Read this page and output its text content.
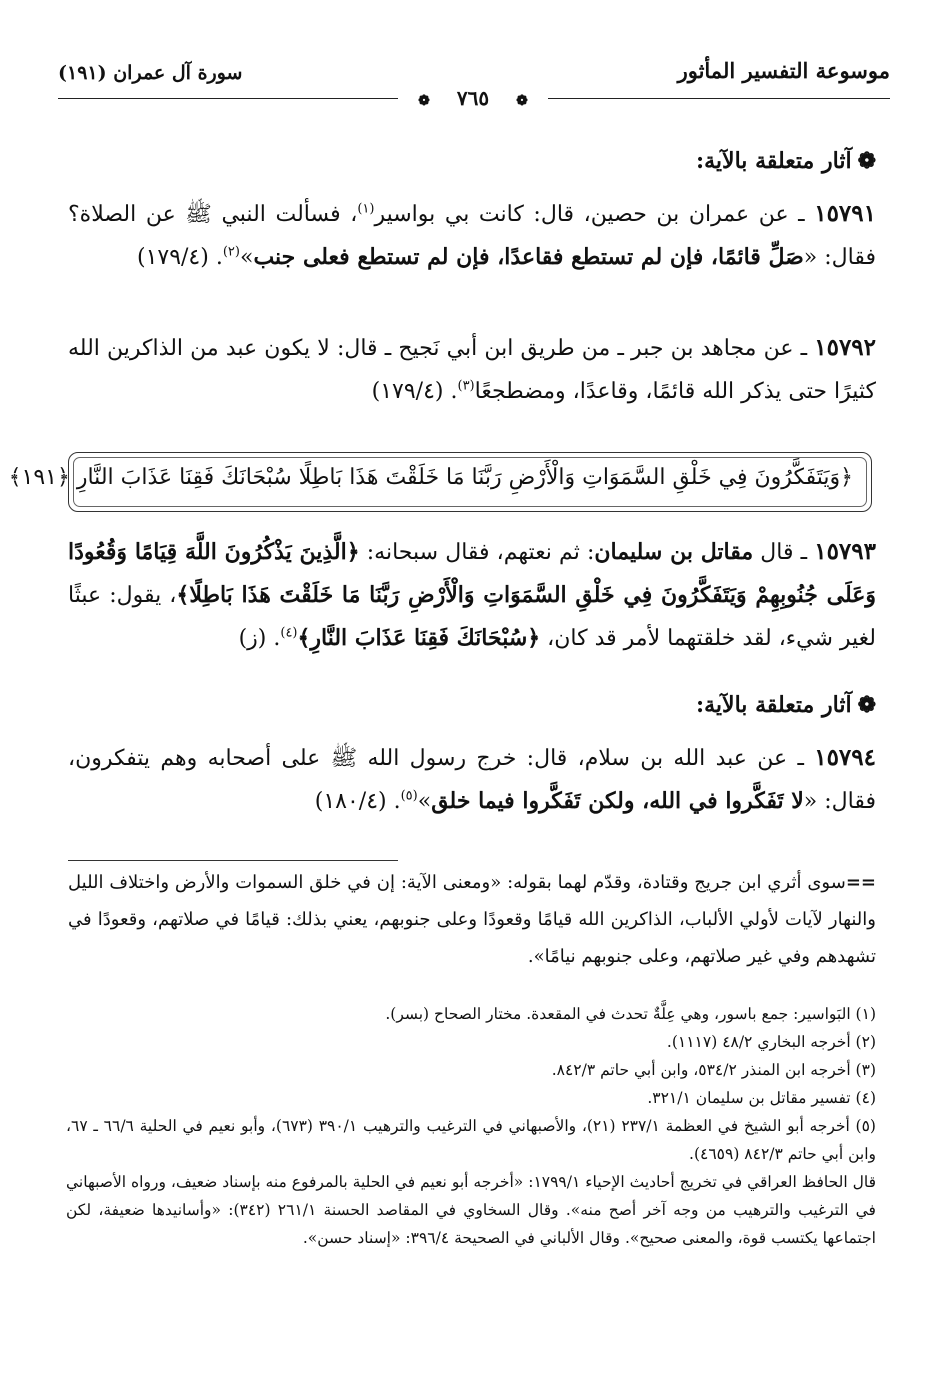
موسوعة التفسير المأثور
سورة آل عمران (١٩١)
❁ ٧٦٥ ❁
❁آثار متعلقة بالآية:
١٥٧٩١ ـ عن عمران بن حصين، قال: كانت بي بواسير$^{(١)}$، فسألت النبي ﷺ عن الصلاة؟ فقال: «صَلِّ قائمًا، فإن لم تستطع فقاعدًا، فإن لم تستطع فعلى جنب»$^{(٢)}$. (١٧٩/٤)
١٥٧٩٢ ـ عن مجاهد بن جبر ـ من طريق ابن أبي نَجيح ـ قال: لا يكون عبد من الذاكرين الله كثيرًا حتى يذكر الله قائمًا، وقاعدًا، ومضطجعًا$^{(٣)}$. (١٧٩/٤)
﴿وَيَتَفَكَّرُونَ فِي خَلْقِ السَّمَوَاتِ وَالْأَرْضِ رَبَّنَا مَا خَلَقْتَ هَذَا بَاطِلًا سُبْحَانَكَ فَقِنَا عَذَابَ النَّارِ ﴿١٩١﴾
١٥٧٩٣ ـ قال مقاتل بن سليمان: ثم نعتهم، فقال سبحانه: ﴿الَّذِينَ يَذْكُرُونَ اللَّهَ قِيَامًا وَقُعُودًا وَعَلَى جُنُوبِهِمْ وَيَتَفَكَّرُونَ فِي خَلْقِ السَّمَوَاتِ وَالْأَرْضِ رَبَّنَا مَا خَلَقْتَ هَذَا بَاطِلًا﴾، يقول: عبثًا لغير شيء، لقد خلقتهما لأمر قد كان، ﴿سُبْحَانَكَ فَقِنَا عَذَابَ النَّارِ﴾$^{(٤)}$. (ز)
❁آثار متعلقة بالآية:
١٥٧٩٤ ـ عن عبد الله بن سلام، قال: خرج رسول الله ﷺ على أصحابه وهم يتفكرون، فقال: «لا تَفَكَّروا في الله، ولكن تَفَكَّروا فيما خلق»$^{(٥)}$. (١٨٠/٤)
==سوى أثري ابن جريج وقتادة، وقدّم لهما بقوله: «ومعنى الآية: إن في خلق السموات والأرض واختلاف الليل والنهار لآيات لأولي الألباب، الذاكرين الله قيامًا وقعودًا وعلى جنوبهم، يعني بذلك: قيامًا في صلاتهم، وقعودًا في تشهدهم وفي غير صلاتهم، وعلى جنوبهم نيامًا».
(١) البَواسير: جمع باسور، وهي عِلَّةٌ تحدث في المقعدة. مختار الصحاح (بسر).
(٢) أخرجه البخاري ٤٨/٢ (١١١٧).
(٣) أخرجه ابن المنذر ٥٣٤/٢، وابن أبي حاتم ٨٤٢/٣.
(٤) تفسير مقاتل بن سليمان ٣٢١/١.
(٥) أخرجه أبو الشيخ في العظمة ٢٣٧/١ (٢١)، والأصبهاني في الترغيب والترهيب ٣٩٠/١ (٦٧٣)، وأبو نعيم في الحلية ٦٦/٦ ـ ٦٧، وابن أبي حاتم ٨٤٢/٣ (٤٦٥٩).
قال الحافظ العراقي في تخريج أحاديث الإحياء ١٧٩٩/١: «أخرجه أبو نعيم في الحلية بالمرفوع منه بإسناد ضعيف، ورواه الأصبهاني في الترغيب والترهيب من وجه آخر أصح منه». وقال السخاوي في المقاصد الحسنة ٢٦١/١ (٣٤٢): «وأسانيدها ضعيفة، لكن اجتماعها يكتسب قوة، والمعنى صحيح». وقال الألباني في الصحيحة ٣٩٦/٤: «إسناد حسن».
